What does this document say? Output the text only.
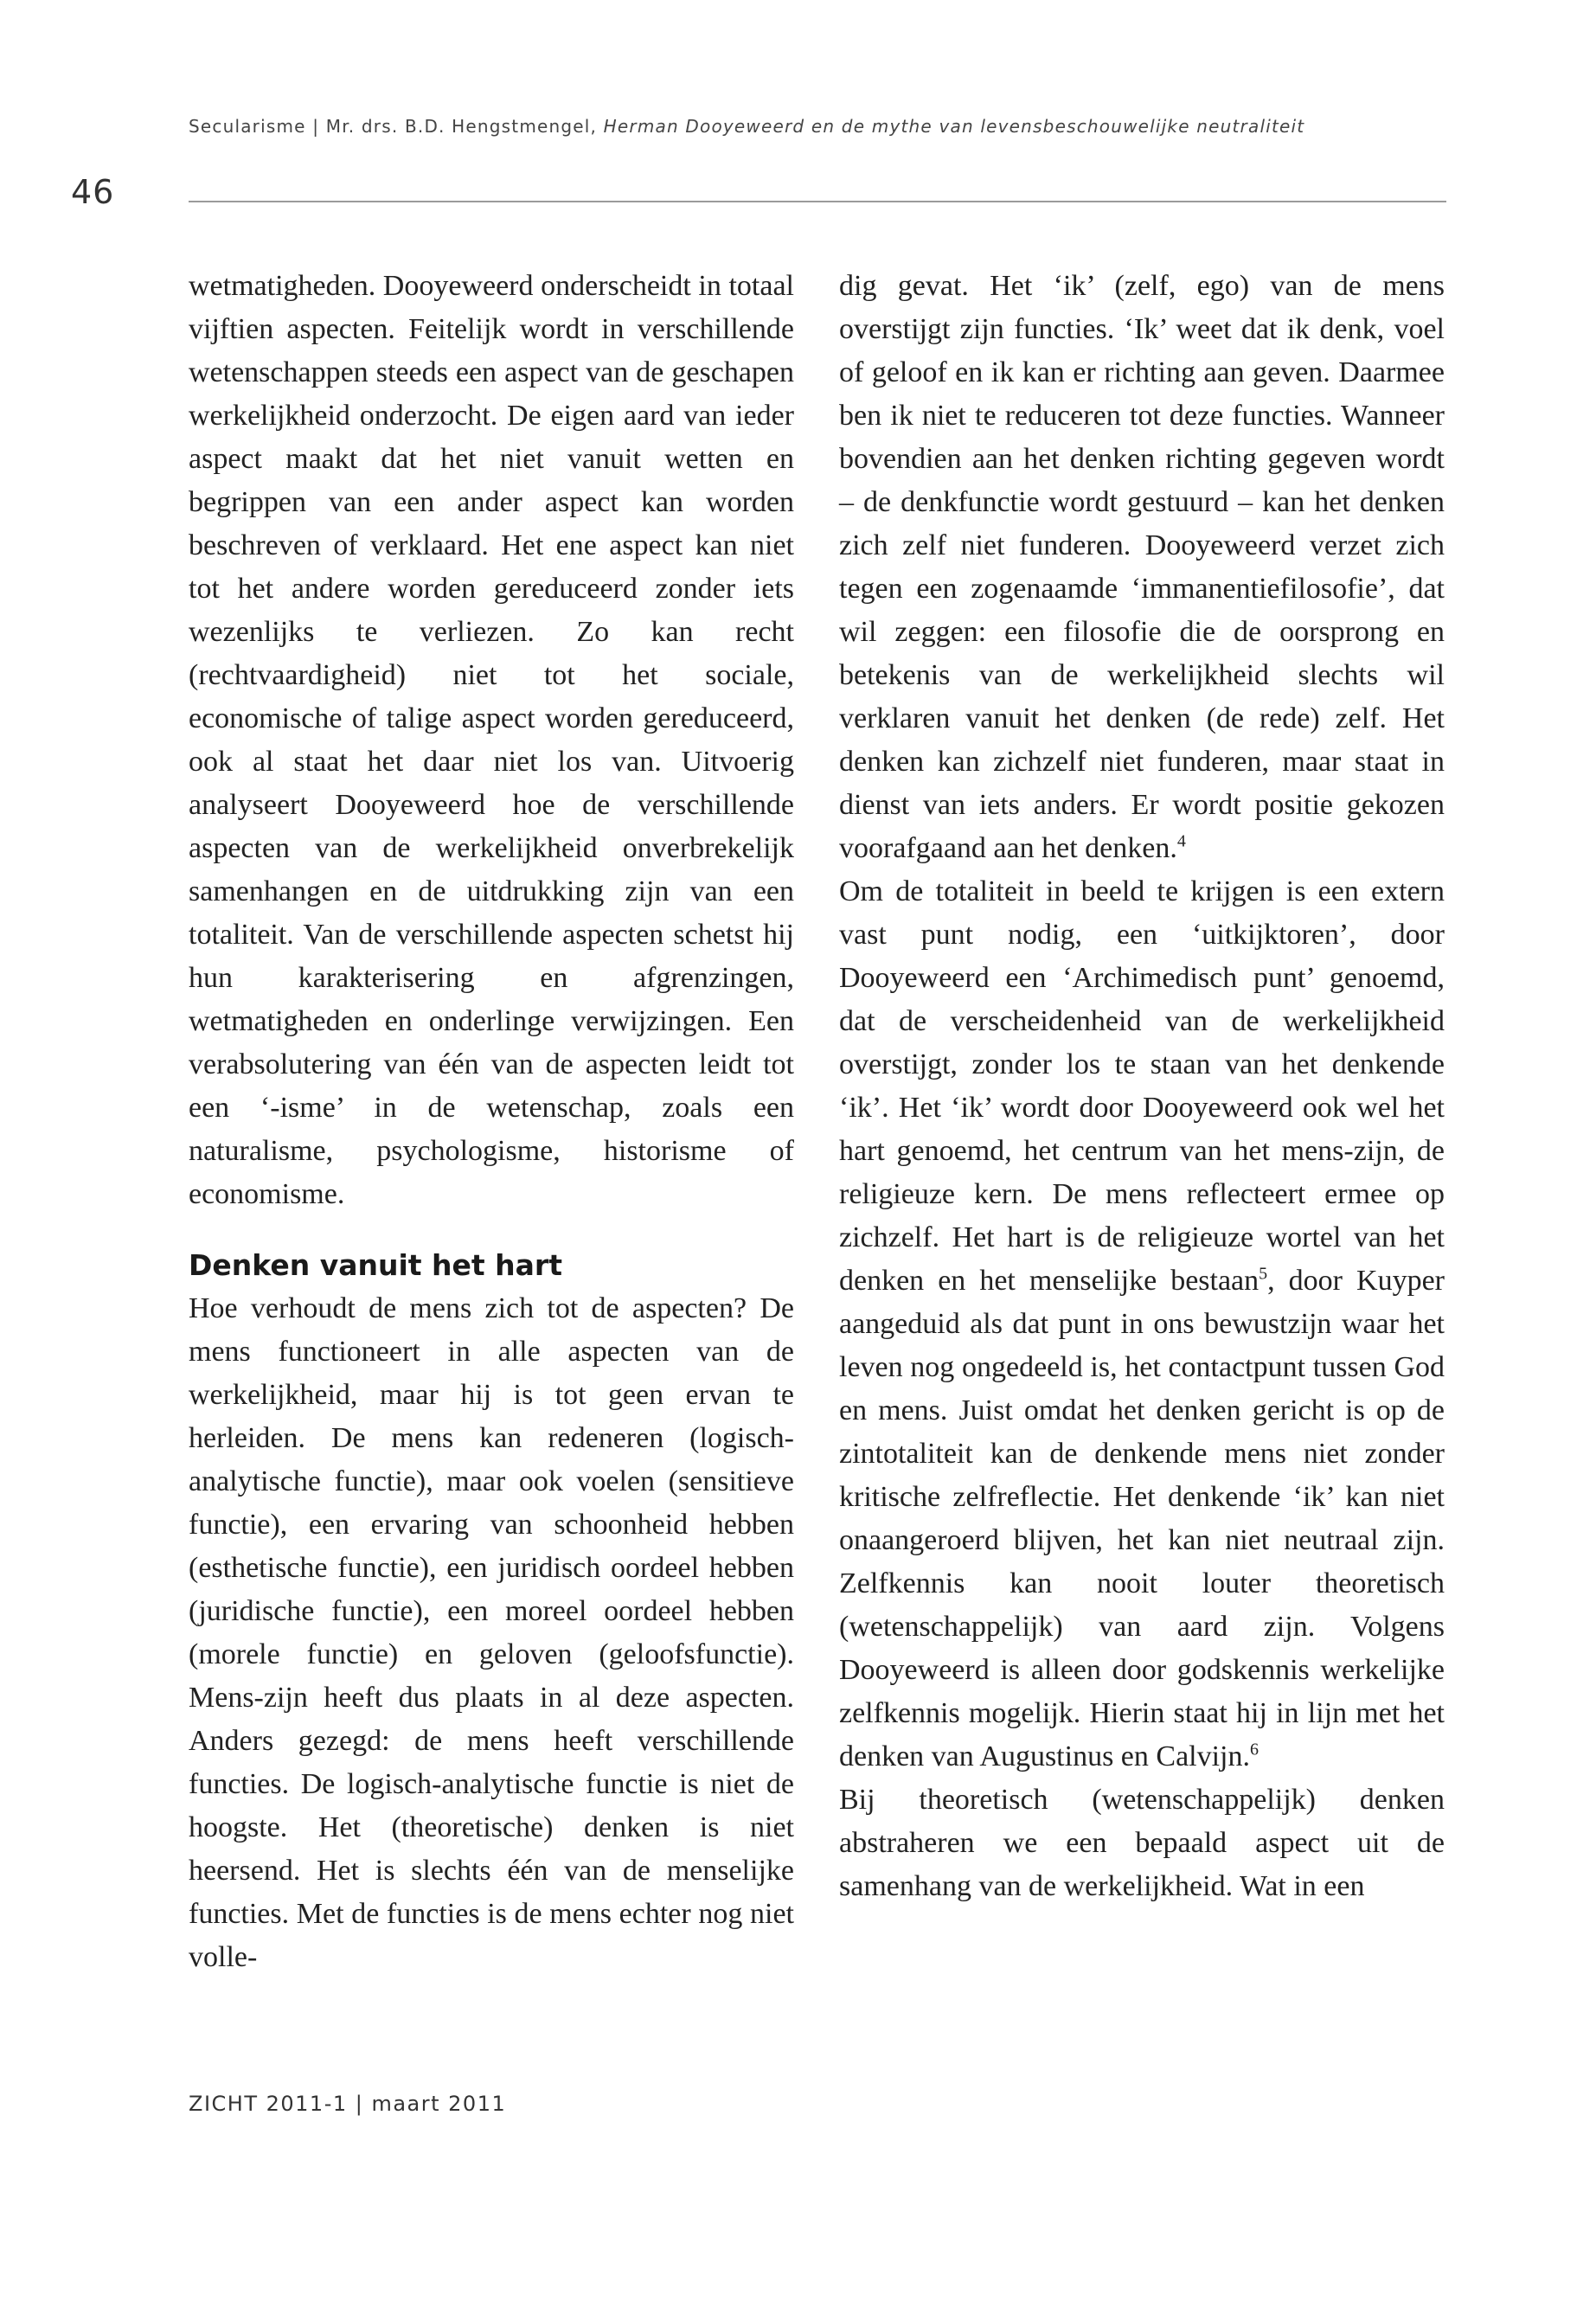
Secularisme | Mr. drs. B.D. Hengstmengel, Herman Dooyeweerd en de mythe van levensbeschouwelijke neutraliteit
46

wetmatigheden. Dooyeweerd onderscheidt in totaal vijftien aspecten. Feitelijk wordt in verschillende wetenschappen steeds een aspect van de geschapen werkelijkheid onderzocht. De eigen aard van ieder aspect maakt dat het niet vanuit wetten en begrippen van een ander aspect kan worden beschreven of verklaard. Het ene aspect kan niet tot het andere worden gereduceerd zonder iets wezenlijks te verliezen. Zo kan recht (rechtvaardigheid) niet tot het sociale, economische of talige aspect worden gereduceerd, ook al staat het daar niet los van. Uitvoerig analyseert Dooyeweerd hoe de verschillende aspecten van de werkelijkheid onverbrekelijk samenhangen en de uitdrukking zijn van een totaliteit. Van de verschillende aspecten schetst hij hun karakterisering en afgrenzingen, wetmatigheden en onderlinge verwijzingen. Een verabsolutering van één van de aspecten leidt tot een ‘-isme’ in de wetenschap, zoals een naturalisme, psychologisme, historisme of economisme.

Denken vanuit het hart

Hoe verhoudt de mens zich tot de aspecten? De mens functioneert in alle aspecten van de werkelijkheid, maar hij is tot geen ervan te herleiden. De mens kan redeneren (logisch-analytische functie), maar ook voelen (sensitieve functie), een ervaring van schoonheid hebben (esthetische functie), een juridisch oordeel hebben (juridische functie), een moreel oordeel hebben (morele functie) en geloven (geloofsfunctie). Mens-zijn heeft dus plaats in al deze aspecten. Anders gezegd: de mens heeft verschillende functies. De logisch-analytische functie is niet de hoogste. Het (theoretische) denken is niet heersend. Het is slechts één van de menselijke functies. Met de functies is de mens echter nog niet volle-

dig gevat. Het ‘ik’ (zelf, ego) van de mens overstijgt zijn functies. ‘Ik’ weet dat ik denk, voel of geloof en ik kan er richting aan geven. Daarmee ben ik niet te reduceren tot deze functies. Wanneer bovendien aan het denken richting gegeven wordt – de denkfunctie wordt gestuurd – kan het denken zich zelf niet funderen. Dooyeweerd verzet zich tegen een zogenaamde ‘immanentiefilosofie’, dat wil zeggen: een filosofie die de oorsprong en betekenis van de werkelijkheid slechts wil verklaren vanuit het denken (de rede) zelf. Het denken kan zichzelf niet funderen, maar staat in dienst van iets anders. Er wordt positie gekozen voorafgaand aan het denken.$^4$

Om de totaliteit in beeld te krijgen is een extern vast punt nodig, een ‘uitkijktoren’, door Dooyeweerd een ‘Archimedisch punt’ genoemd, dat de verscheidenheid van de werkelijkheid overstijgt, zonder los te staan van het denkende ‘ik’. Het ‘ik’ wordt door Dooyeweerd ook wel het hart genoemd, het centrum van het mens-zijn, de religieuze kern. De mens reflecteert ermee op zichzelf. Het hart is de religieuze wortel van het denken en het menselijke bestaan$^5$, door Kuyper aangeduid als dat punt in ons bewustzijn waar het leven nog ongedeeld is, het contactpunt tussen God en mens. Juist omdat het denken gericht is op de zintotaliteit kan de denkende mens niet zonder kritische zelfreflectie. Het denkende ‘ik’ kan niet onaangeroerd blijven, het kan niet neutraal zijn. Zelfkennis kan nooit louter theoretisch (wetenschappelijk) van aard zijn. Volgens Dooyeweerd is alleen door godskennis werkelijke zelfkennis mogelijk. Hierin staat hij in lijn met het denken van Augustinus en Calvijn.$^6$

Bij theoretisch (wetenschappelijk) denken abstraheren we een bepaald aspect uit de samenhang van de werkelijkheid. Wat in een

ZICHT 2011-1 | maart 2011
